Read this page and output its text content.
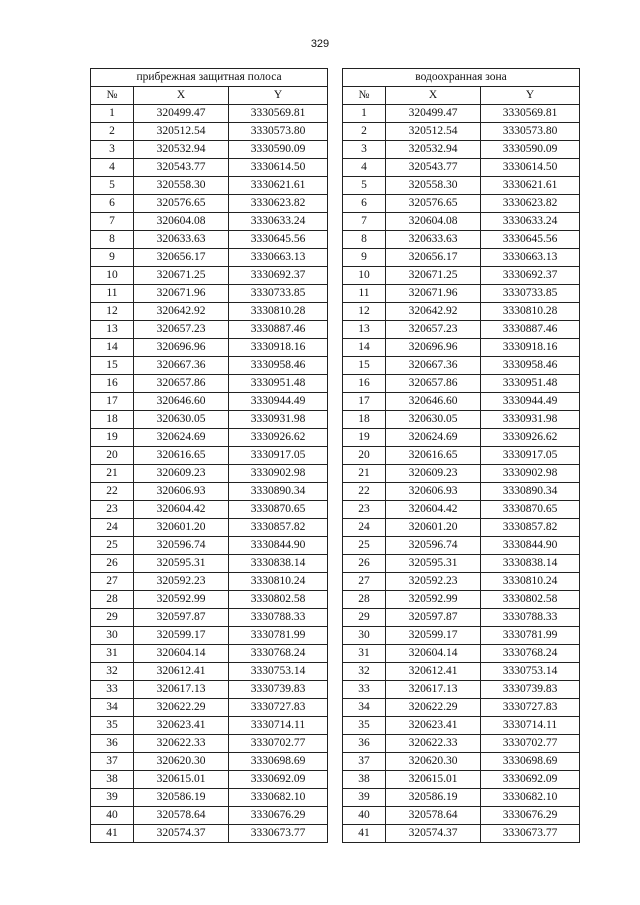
329
прибрежная защитная полоса				водоохранная зона		
№	X	Y		№	X	Y
1	320499.47	3330569.81		1	320499.47	3330569.81
2	320512.54	3330573.80		2	320512.54	3330573.80
3	320532.94	3330590.09		3	320532.94	3330590.09
4	320543.77	3330614.50		4	320543.77	3330614.50
5	320558.30	3330621.61		5	320558.30	3330621.61
6	320576.65	3330623.82		6	320576.65	3330623.82
7	320604.08	3330633.24		7	320604.08	3330633.24
8	320633.63	3330645.56		8	320633.63	3330645.56
9	320656.17	3330663.13		9	320656.17	3330663.13
10	320671.25	3330692.37		10	320671.25	3330692.37
11	320671.96	3330733.85		11	320671.96	3330733.85
12	320642.92	3330810.28		12	320642.92	3330810.28
13	320657.23	3330887.46		13	320657.23	3330887.46
14	320696.96	3330918.16		14	320696.96	3330918.16
15	320667.36	3330958.46		15	320667.36	3330958.46
16	320657.86	3330951.48		16	320657.86	3330951.48
17	320646.60	3330944.49		17	320646.60	3330944.49
18	320630.05	3330931.98		18	320630.05	3330931.98
19	320624.69	3330926.62		19	320624.69	3330926.62
20	320616.65	3330917.05		20	320616.65	3330917.05
21	320609.23	3330902.98		21	320609.23	3330902.98
22	320606.93	3330890.34		22	320606.93	3330890.34
23	320604.42	3330870.65		23	320604.42	3330870.65
24	320601.20	3330857.82		24	320601.20	3330857.82
25	320596.74	3330844.90		25	320596.74	3330844.90
26	320595.31	3330838.14		26	320595.31	3330838.14
27	320592.23	3330810.24		27	320592.23	3330810.24
28	320592.99	3330802.58		28	320592.99	3330802.58
29	320597.87	3330788.33		29	320597.87	3330788.33
30	320599.17	3330781.99		30	320599.17	3330781.99
31	320604.14	3330768.24		31	320604.14	3330768.24
32	320612.41	3330753.14		32	320612.41	3330753.14
33	320617.13	3330739.83		33	320617.13	3330739.83
34	320622.29	3330727.83		34	320622.29	3330727.83
35	320623.41	3330714.11		35	320623.41	3330714.11
36	320622.33	3330702.77		36	320622.33	3330702.77
37	320620.30	3330698.69		37	320620.30	3330698.69
38	320615.01	3330692.09		38	320615.01	3330692.09
39	320586.19	3330682.10		39	320586.19	3330682.10
40	320578.64	3330676.29		40	320578.64	3330676.29
41	320574.37	3330673.77		41	320574.37	3330673.77
